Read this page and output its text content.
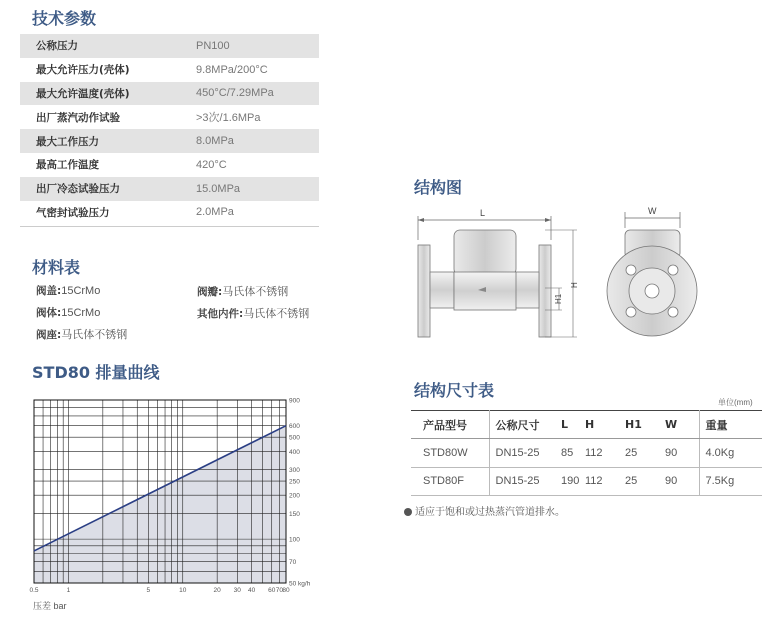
技术参数
公称压力	PN100
最大允许压力(壳体)	9.8MPa/200°C
最大允许温度(壳体)	450°C/7.29MPa
出厂蒸汽动作试验	>3次/1.6MPa
最大工作压力	8.0MPa
最高工作温度	420°C
出厂冷态试验压力	15.0MPa
气密封试验压力	2.0MPa
材料表
阀盖:15CrMo	阀瓣:马氏体不锈钢
阀体:15CrMo	其他内件:马氏体不锈钢
阀座:马氏体不锈钢
STD80 排量曲线
0.5	1	5	10	20 30 40 60 70 80
900
600
500
400
300
250
200
150
100
70
50 kg/h
压差 bar
结构图
L
H1
H
W
结构尺寸表
单位(mm)
产品型号	公称尺寸	L	H	H1	W	重量
STD80W	DN15-25	85	112	25	90	4.0Kg
STD80F	DN15-25	190	112	25	90	7.5Kg
适应于饱和或过热蒸汽管道排水。
